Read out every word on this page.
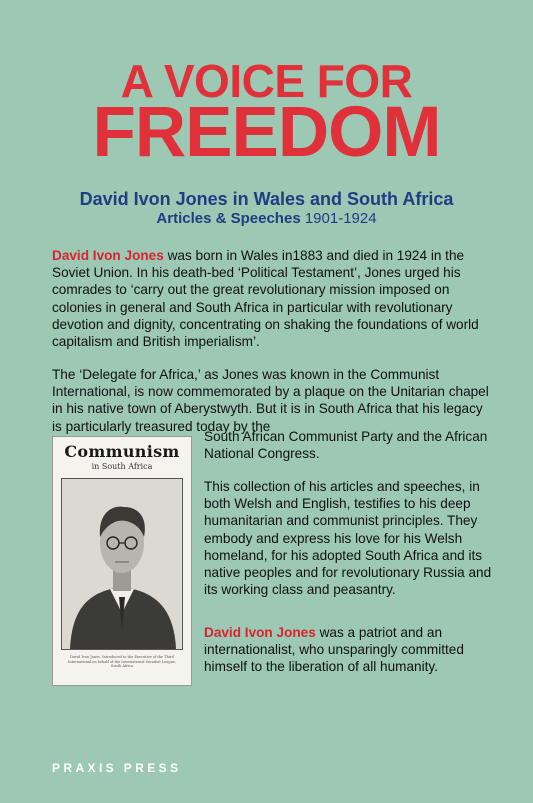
A VOICE FOR
FREEDOM
David Ivon Jones in Wales and South Africa
Articles & Speeches 1901-1924

David Ivon Jones was born in Wales in1883 and died in 1924 in the Soviet Union. In his death-bed ‘Political Testament’, Jones urged his comrades to ‘carry out the great revolutionary mission imposed on colonies in general and South Africa in particular with revolutionary devotion and dignity, concentrating on shaking the foundations of world capitalism and British imperialism’.

The ‘Delegate for Africa,’ as Jones was known in the Communist International, is now commemorated by a plaque on the Unitarian chapel in his native town of Aberystwyth. But it is in South Africa that his legacy is particularly treasured today by the

South African Communist Party and the African National Congress.

Communism
in South Africa
David Ivon Jones. Introduced to the Executive of the Third International on behalf of the International Socialist League, South Africa

This collection of his articles and speeches, in both Welsh and English, testifies to his deep humanitarian and communist principles. They embody and express his love for his Welsh homeland, for his adopted South Africa and its native peoples and for revolutionary Russia and its working class and peasantry.

David Ivon Jones was a patriot and an internationalist, who unsparingly committed himself to the liberation of all humanity.

PRAXIS PRESS
